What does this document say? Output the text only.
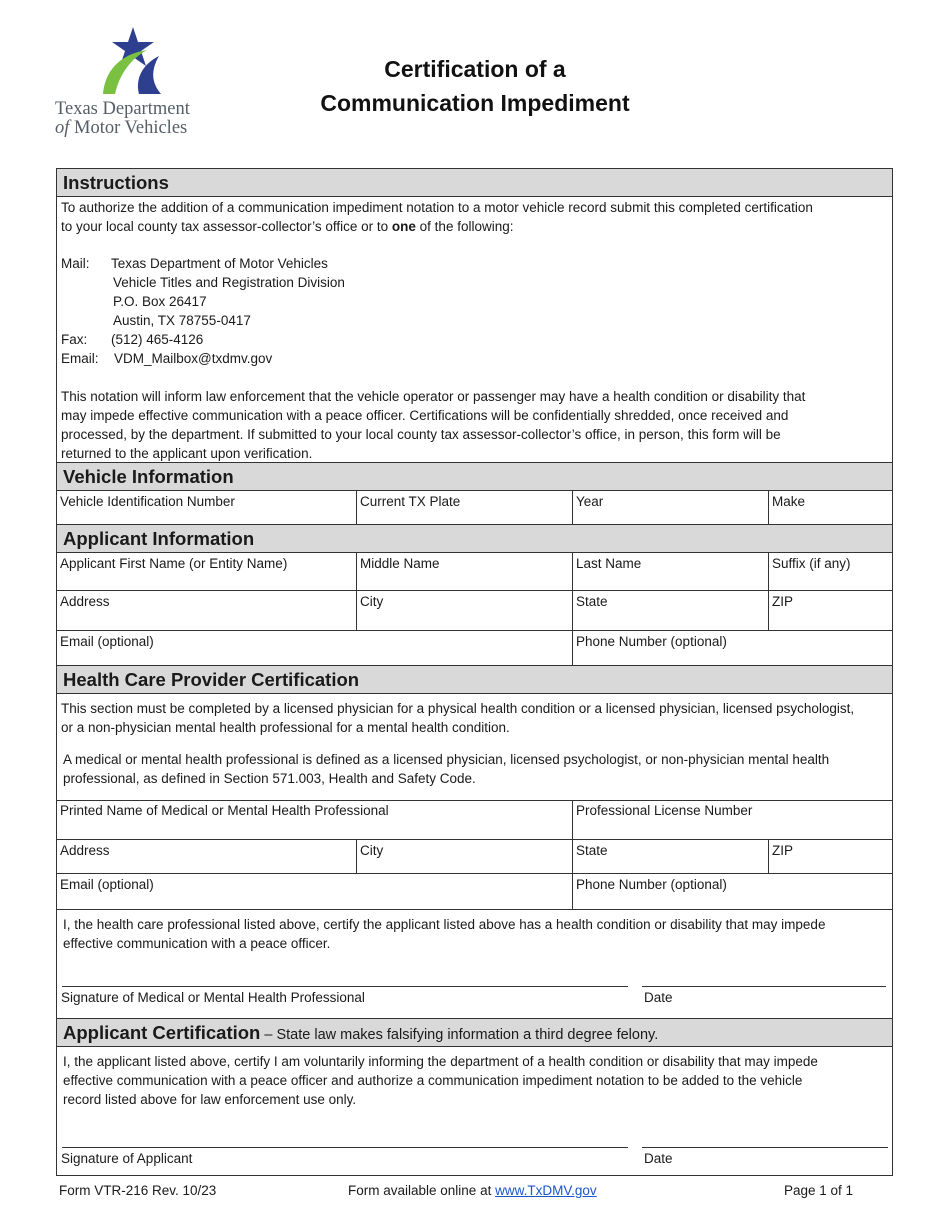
Texas Department
of Motor Vehicles
Certification of a
Communication Impediment
Instructions
To authorize the addition of a communication impediment notation to a motor vehicle record submit this completed certification
to your local county tax assessor-collector’s office or to one of the following:
Mail: Texas Department of Motor Vehicles
Vehicle Titles and Registration Division
P.O. Box 26417
Austin, TX 78755-0417
Fax: (512) 465-4126
Email: VDM_Mailbox@txdmv.gov
This notation will inform law enforcement that the vehicle operator or passenger may have a health condition or disability that
may impede effective communication with a peace officer. Certifications will be confidentially shredded, once received and
processed, by the department. If submitted to your local county tax assessor-collector’s office, in person, this form will be
returned to the applicant upon verification.
Vehicle Information
Vehicle Identification Number	Current TX Plate	Year	Make
Applicant Information
Applicant First Name (or Entity Name)	Middle Name	Last Name	Suffix (if any)
Address	City	State	ZIP
Email (optional)	Phone Number (optional)
Health Care Provider Certification
This section must be completed by a licensed physician for a physical health condition or a licensed physician, licensed psychologist,
or a non-physician mental health professional for a mental health condition.
A medical or mental health professional is defined as a licensed physician, licensed psychologist, or non-physician mental health
professional, as defined in Section 571.003, Health and Safety Code.
Printed Name of Medical or Mental Health Professional	Professional License Number
Address	City	State	ZIP
Email (optional)	Phone Number (optional)
I, the health care professional listed above, certify the applicant listed above has a health condition or disability that may impede
effective communication with a peace officer.
Signature of Medical or Mental Health Professional	Date
Applicant Certification – State law makes falsifying information a third degree felony.
I, the applicant listed above, certify I am voluntarily informing the department of a health condition or disability that may impede
effective communication with a peace officer and authorize a communication impediment notation to be added to the vehicle
record listed above for law enforcement use only.
Signature of Applicant	Date
Form VTR-216 Rev. 10/23	Form available online at www.TxDMV.gov	Page 1 of 1
